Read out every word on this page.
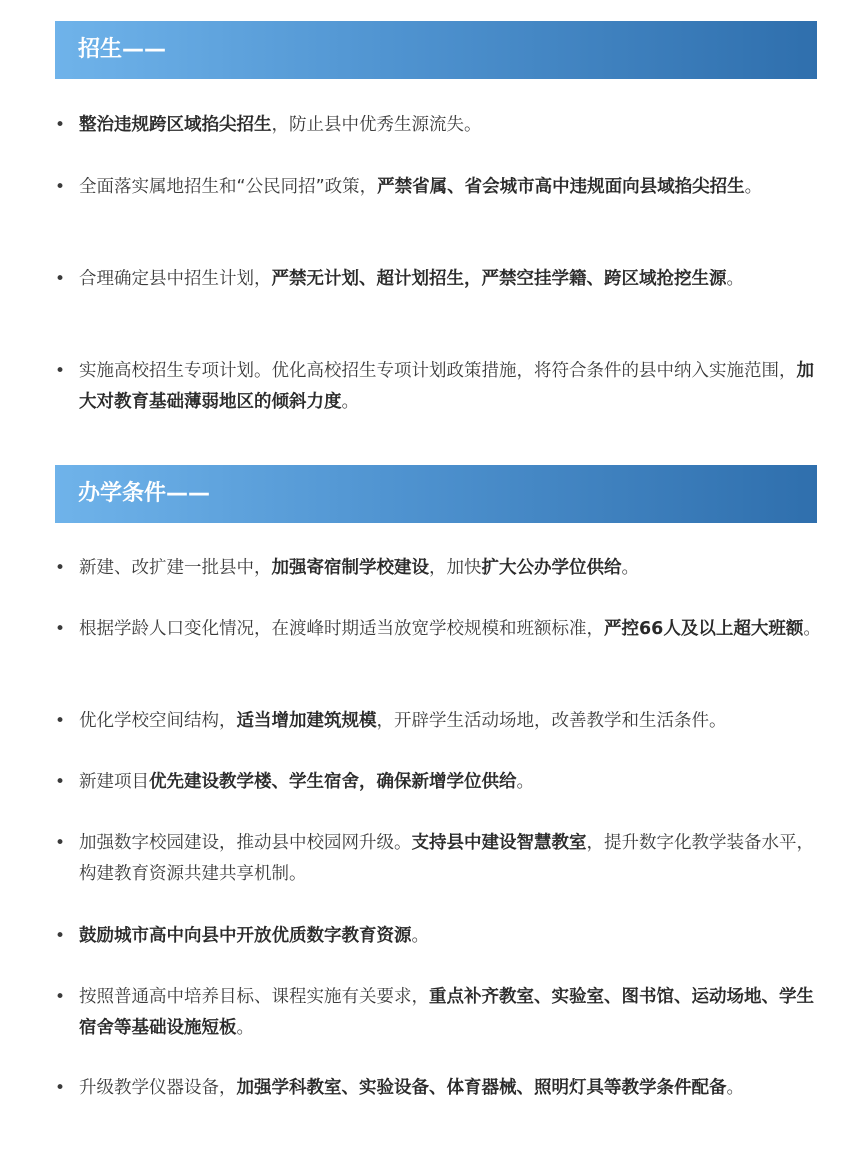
招生——
• 整治违规跨区域掐尖招生，防止县中优秀生源流失。
• 全面落实属地招生和“公民同招”政策，严禁省属、省会城市高中违规面向县域掐尖招生。
• 合理确定县中招生计划，严禁无计划、超计划招生，严禁空挂学籍、跨区域抢挖生源。
• 实施高校招生专项计划。优化高校招生专项计划政策措施，将符合条件的县中纳入实施范围，加大对教育基础薄弱地区的倾斜力度。
办学条件——
• 新建、改扩建一批县中，加强寄宿制学校建设，加快扩大公办学位供给。
• 根据学龄人口变化情况，在渡峰时期适当放宽学校规模和班额标准，严控66人及以上超大班额。
• 优化学校空间结构，适当增加建筑规模，开辟学生活动场地，改善教学和生活条件。
• 新建项目优先建设教学楼、学生宿舍，确保新增学位供给。
• 加强数字校园建设，推动县中校园网升级。支持县中建设智慧教室，提升数字化教学装备水平，构建教育资源共建共享机制。
• 鼓励城市高中向县中开放优质数字教育资源。
• 按照普通高中培养目标、课程实施有关要求，重点补齐教室、实验室、图书馆、运动场地、学生宿舍等基础设施短板。
• 升级教学仪器设备，加强学科教室、实验设备、体育器械、照明灯具等教学条件配备。
